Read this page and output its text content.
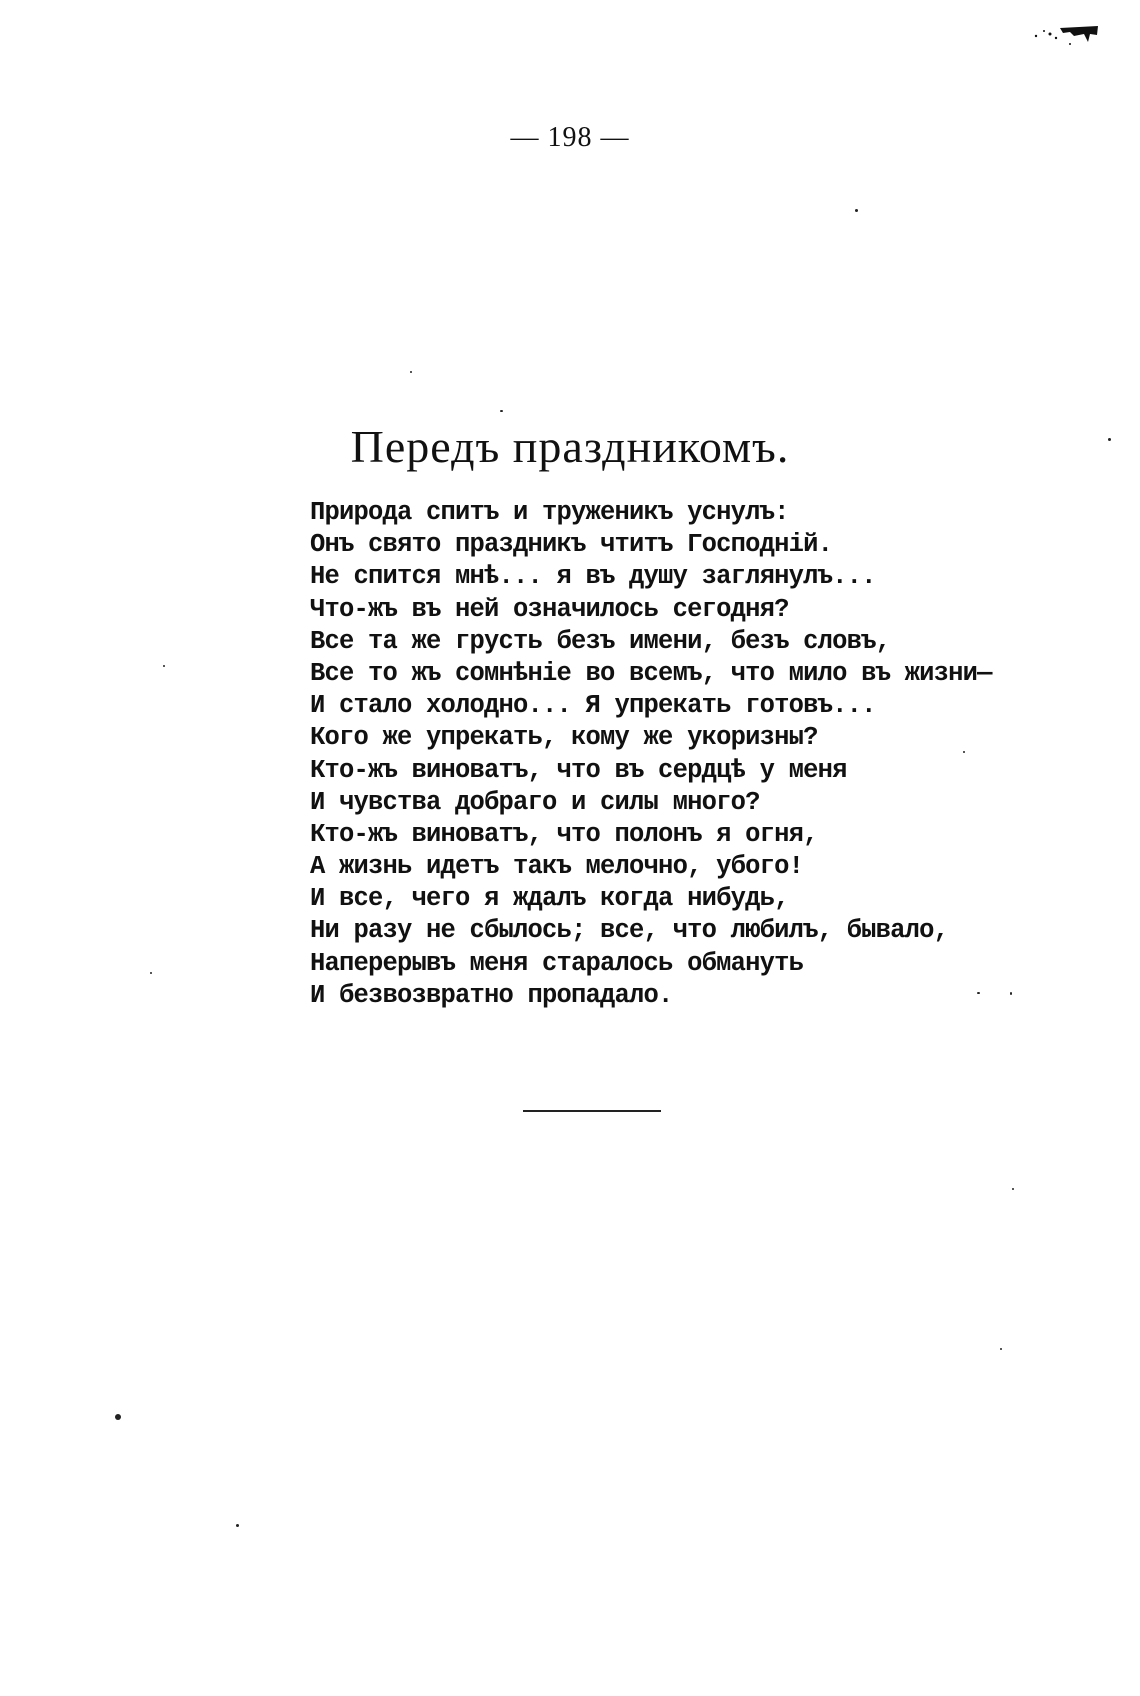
— 198 —
Передъ праздникомъ.
Природа спитъ и труженикъ уснулъ:
Онъ свято праздникъ чтитъ Господній.
Не спится мнѣ... я въ душу заглянулъ...
Что-жъ въ ней означилось сегодня?
Все та же грусть безъ имени, безъ словъ,
Все то жъ сомнѣніе во всемъ, что мило въ жизни—
И стало холодно... Я упрекать готовъ...
Кого же упрекать, кому же укоризны?
Кто-жъ виноватъ, что въ сердцѣ у меня
И чувства добраго и силы много?
Кто-жъ виноватъ, что полонъ я огня,
А жизнь идетъ такъ мелочно, убого!
И все, чего я ждалъ когда нибудь,
Ни разу не сбылось; все, что любилъ, бывало,
Наперерывъ меня старалось обмануть
И безвозвратно пропадало.
